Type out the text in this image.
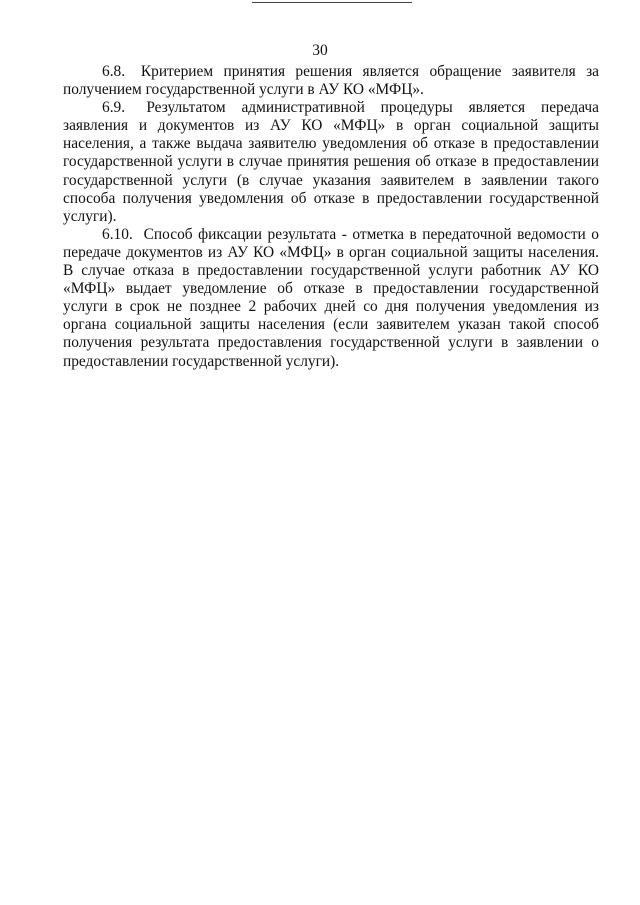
30

6.8. Критерием принятия решения является обращение заявителя за получением государственной услуги в АУ КО «МФЦ».

6.9. Результатом административной процедуры является передача заявления и документов из АУ КО «МФЦ» в орган социальной защиты населения, а также выдача заявителю уведомления об отказе в предоставлении государственной услуги в случае принятия решения об отказе в предоставлении государственной услуги (в случае указания заявителем в заявлении такого способа получения уведомления об отказе в предоставлении государственной услуги).

6.10. Способ фиксации результата - отметка в передаточной ведомости о передаче документов из АУ КО «МФЦ» в орган социальной защиты населения. В случае отказа в предоставлении государственной услуги работник АУ КО «МФЦ» выдает уведомление об отказе в предоставлении государственной услуги в срок не позднее 2 рабочих дней со дня получения уведомления из органа социальной защиты населения (если заявителем указан такой способ получения результата предоставления государственной услуги в заявлении о предоставлении государственной услуги).
